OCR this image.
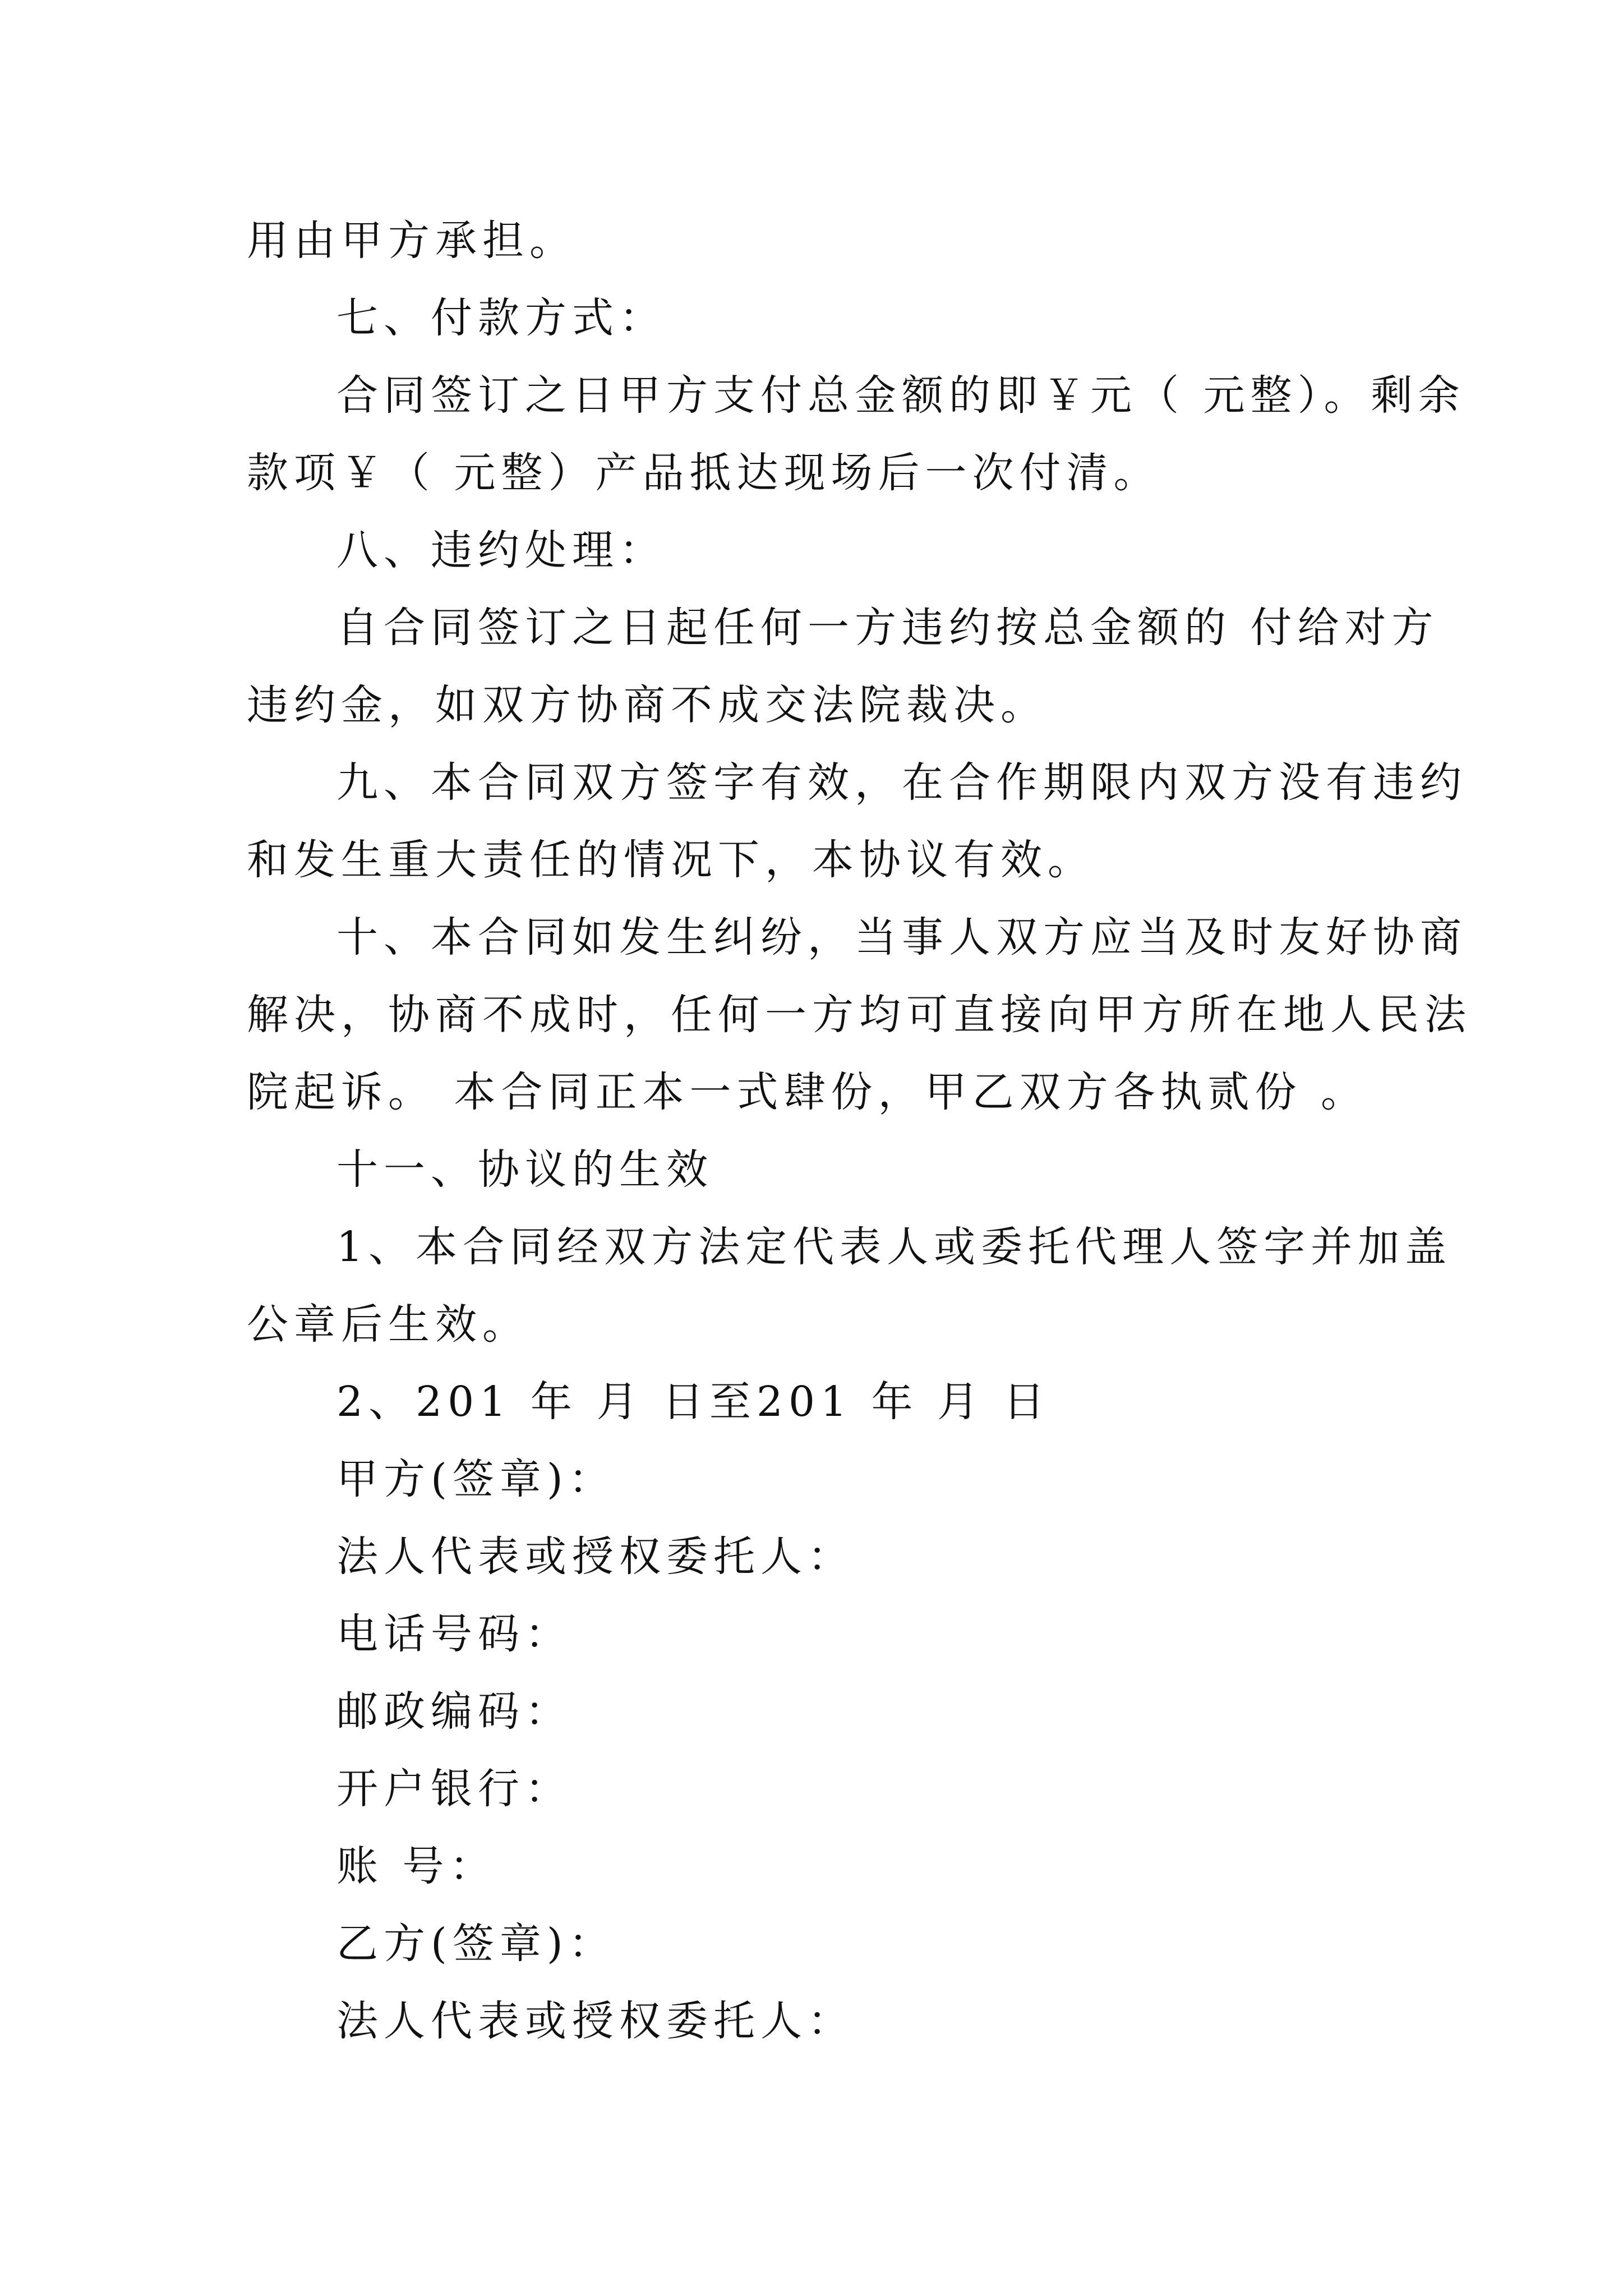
用由甲方承担。
七、付款方式：
合同签订之日甲方支付总金额的即￥元（ 元整）。剩余
款项￥（ 元整）产品抵达现场后一次付清。
八、违约处理：
自合同签订之日起任何一方违约按总金额的 付给对方
违约金，如双方协商不成交法院裁决。
九、本合同双方签字有效，在合作期限内双方没有违约
和发生重大责任的情况下，本协议有效。
十、本合同如发生纠纷，当事人双方应当及时友好协商
解决，协商不成时，任何一方均可直接向甲方所在地人民法
院起诉。 本合同正本一式肆份，甲乙双方各执贰份 。
十一、协议的生效
1、本合同经双方法定代表人或委托代理人签字并加盖
公章后生效。
2、201 年 月 日至201 年 月 日
甲方(签章)：
法人代表或授权委托人：
电话号码：
邮政编码：
开户银行：
账 号：
乙方(签章)：
法人代表或授权委托人：
